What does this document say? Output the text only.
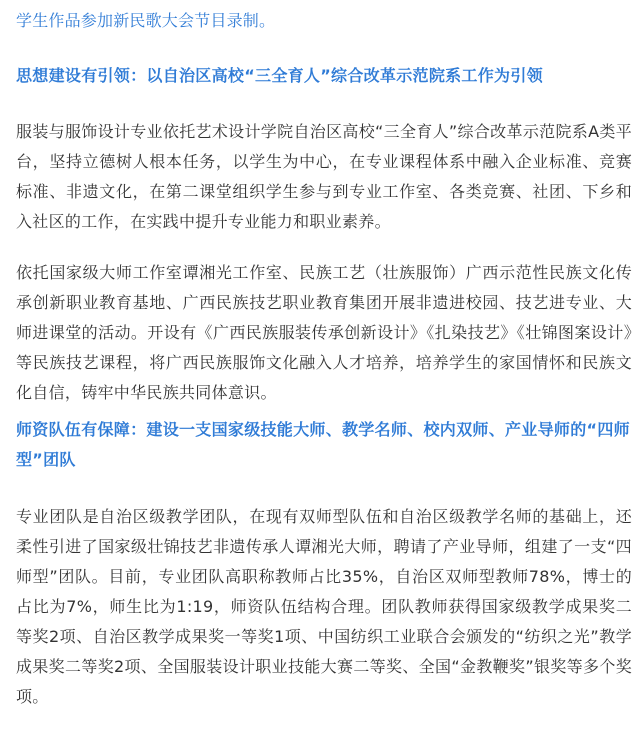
学生作品参加新民歌大会节目录制。

思想建设有引领：以自治区高校“三全育人”综合改革示范院系工作为引领

服装与服饰设计专业依托艺术设计学院自治区高校“三全育人”综合改革示范院系A类平台，坚持立德树人根本任务，以学生为中心，在专业课程体系中融入企业标准、竞赛标准、非遗文化，在第二课堂组织学生参与到专业工作室、各类竞赛、社团、下乡和入社区的工作，在实践中提升专业能力和职业素养。

依托国家级大师工作室谭湘光工作室、民族工艺（壮族服饰）广西示范性民族文化传承创新职业教育基地、广西民族技艺职业教育集团开展非遗进校园、技艺进专业、大师进课堂的活动。开设有《广西民族服装传承创新设计》《扎染技艺》《壮锦图案设计》等民族技艺课程，将广西民族服饰文化融入人才培养，培养学生的家国情怀和民族文化自信，铸牢中华民族共同体意识。

师资队伍有保障：建设一支国家级技能大师、教学名师、校内双师、产业导师的“四师型”团队

专业团队是自治区级教学团队，在现有双师型队伍和自治区级教学名师的基础上，还柔性引进了国家级壮锦技艺非遗传承人谭湘光大师，聘请了产业导师，组建了一支“四师型”团队。目前，专业团队高职称教师占比35%，自治区双师型教师78%，博士的占比为7%，师生比为1:19，师资队伍结构合理。团队教师获得国家级教学成果奖二等奖2项、自治区教学成果奖一等奖1项、中国纺织工业联合会颁发的“纺织之光”教学成果奖二等奖2项、全国服装设计职业技能大赛二等奖、全国“金教鞭奖”银奖等多个奖项。
